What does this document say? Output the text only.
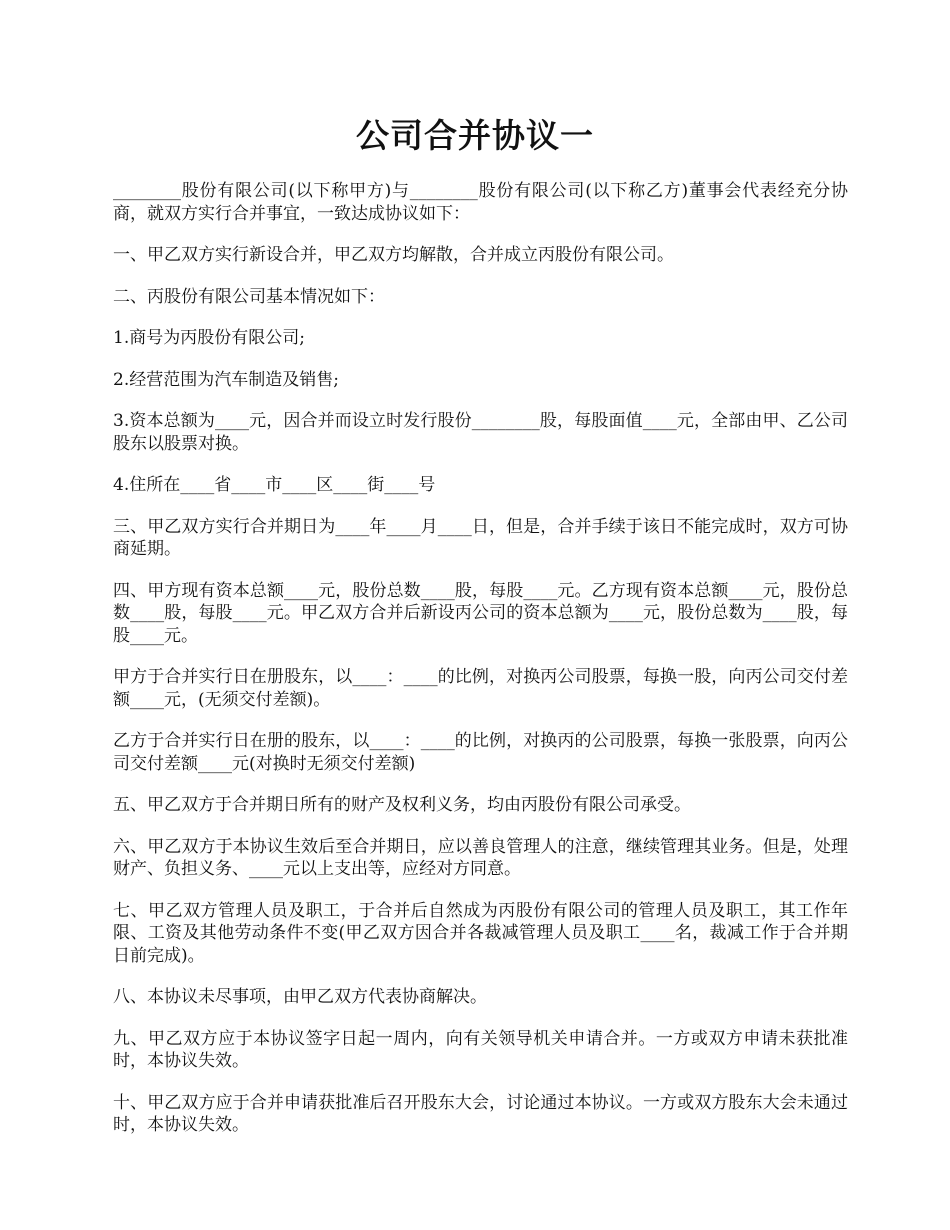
公司合并协议一

________股份有限公司(以下称甲方)与________股份有限公司(以下称乙方)董事会代表经充分协商，就双方实行合并事宜，一致达成协议如下：

一、甲乙双方实行新设合并，甲乙双方均解散，合并成立丙股份有限公司。

二、丙股份有限公司基本情况如下：

1.商号为丙股份有限公司;

2.经营范围为汽车制造及销售;

3.资本总额为____元，因合并而设立时发行股份________股，每股面值____元，全部由甲、乙公司股东以股票对换。

4.住所在____省____市____区____街____号

三、甲乙双方实行合并期日为____年____月____日，但是，合并手续于该日不能完成时，双方可协商延期。

四、甲方现有资本总额____元，股份总数____股，每股____元。乙方现有资本总额____元，股份总数____股，每股____元。甲乙双方合并后新设丙公司的资本总额为____元，股份总数为____股，每股____元。

甲方于合并实行日在册股东，以____：____的比例，对换丙公司股票，每换一股，向丙公司交付差额____元，(无须交付差额)。

乙方于合并实行日在册的股东，以____：____的比例，对换丙的公司股票，每换一张股票，向丙公司交付差额____元(对换时无须交付差额)

五、甲乙双方于合并期日所有的财产及权利义务，均由丙股份有限公司承受。

六、甲乙双方于本协议生效后至合并期日，应以善良管理人的注意，继续管理其业务。但是，处理财产、负担义务、____元以上支出等，应经对方同意。

七、甲乙双方管理人员及职工，于合并后自然成为丙股份有限公司的管理人员及职工，其工作年限、工资及其他劳动条件不变(甲乙双方因合并各裁减管理人员及职工____名，裁减工作于合并期日前完成)。

八、本协议未尽事项，由甲乙双方代表协商解决。

九、甲乙双方应于本协议签字日起一周内，向有关领导机关申请合并。一方或双方申请未获批准时，本协议失效。

十、甲乙双方应于合并申请获批准后召开股东大会，讨论通过本协议。一方或双方股东大会未通过时，本协议失效。
